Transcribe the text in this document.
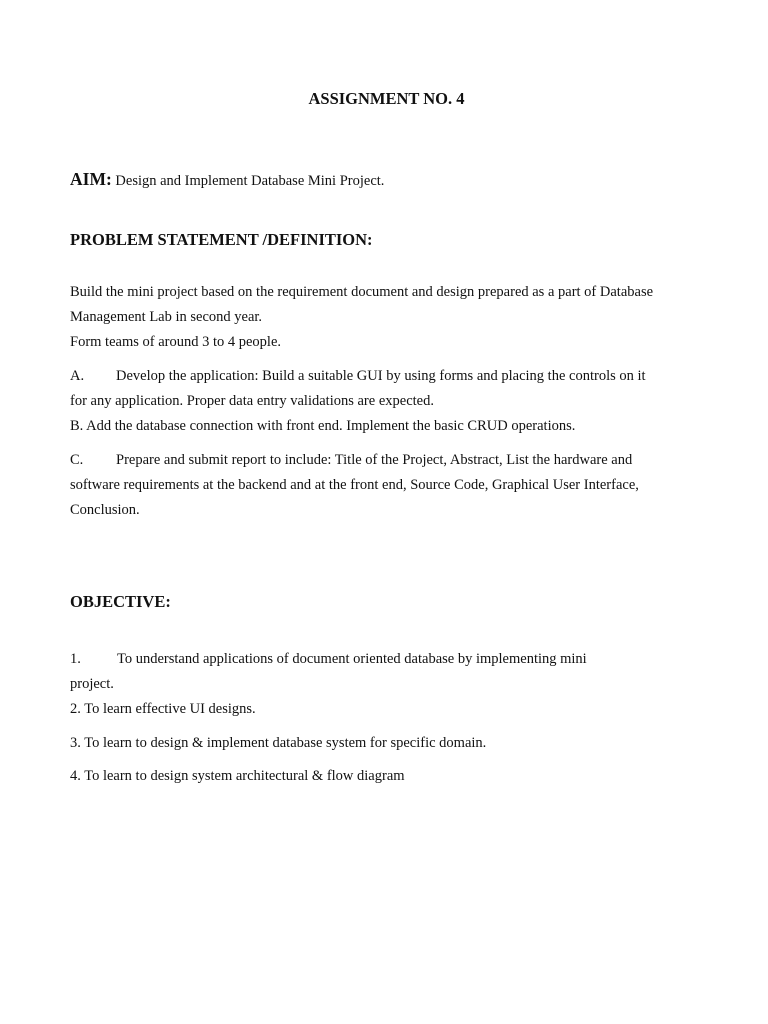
ASSIGNMENT NO. 4
AIM: Design and Implement Database Mini Project.
PROBLEM STATEMENT /DEFINITION:
Build the mini project based on the requirement document and design prepared as a part of Database
Management Lab in second year.
Form teams of around 3 to 4 people.
A. Develop the application: Build a suitable GUI by using forms and placing the controls on it
for any application. Proper data entry validations are expected.
B. Add the database connection with front end. Implement the basic CRUD operations.
C. Prepare and submit report to include: Title of the Project, Abstract, List the hardware and
software requirements at the backend and at the front end, Source Code, Graphical User Interface,
Conclusion.
OBJECTIVE:
1. To understand applications of document oriented database by implementing mini
project.
2. To learn effective UI designs.
3. To learn to design & implement database system for specific domain.
4. To learn to design system architectural & flow diagram
